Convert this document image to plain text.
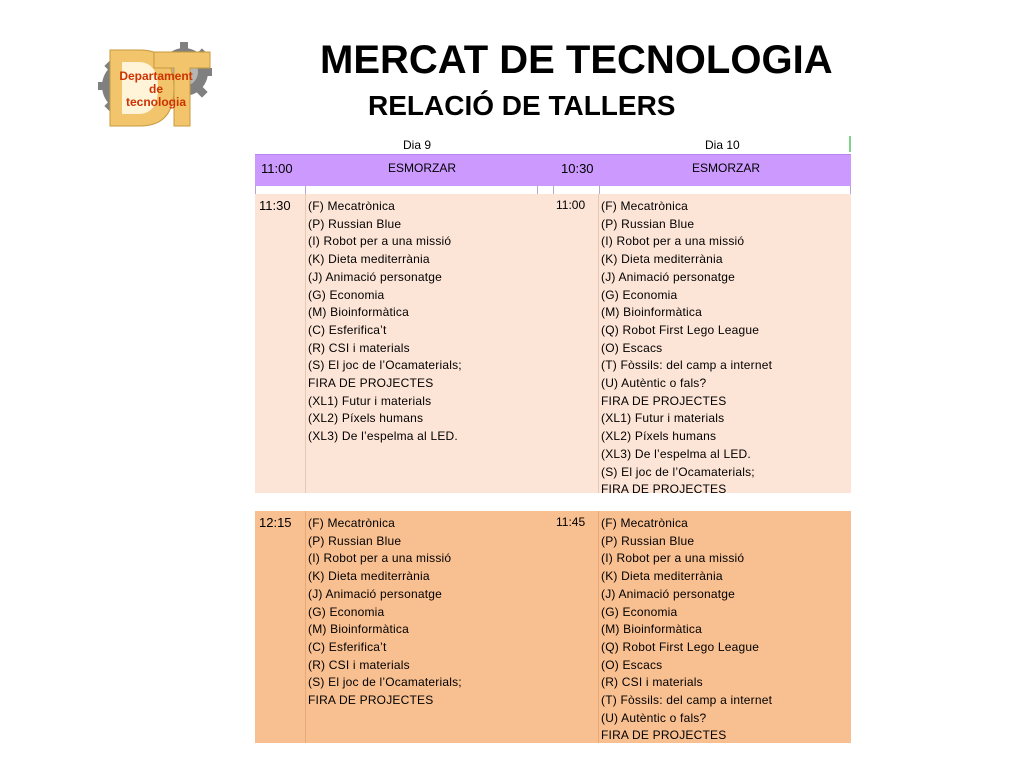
Departament
de
tecnologia
MERCAT DE TECNOLOGIA
RELACIÓ DE TALLERS
Dia 9	Dia 10
11:00	ESMORZAR	10:30	ESMORZAR
11:30	(F) Mecatrònica
(P) Russian Blue
(I) Robot per a una missió
(K) Dieta mediterrània
(J) Animació personatge
(G) Economia
(M) Bioinformàtica
(C) Esferifica’t
(R) CSI i materials
(S) El joc de l’Ocamaterials;
FIRA DE PROJECTES
(XL1) Futur i materials
(XL2) Píxels humans
(XL3) De l’espelma al LED.
11:00	(F) Mecatrònica
(P) Russian Blue
(I) Robot per a una missió
(K) Dieta mediterrània
(J) Animació personatge
(G) Economia
(M) Bioinformàtica
(Q) Robot First Lego League
(O) Escacs
(T) Fòssils: del camp a internet
(U) Autèntic o fals?
FIRA DE PROJECTES
(XL1) Futur i materials
(XL2) Píxels humans
(XL3) De l’espelma al LED.
(S) El joc de l’Ocamaterials;
FIRA DE PROJECTES
12:15	(F) Mecatrònica
(P) Russian Blue
(I) Robot per a una missió
(K) Dieta mediterrània
(J) Animació personatge
(G) Economia
(M) Bioinformàtica
(C) Esferifica’t
(R) CSI i materials
(S) El joc de l’Ocamaterials;
FIRA DE PROJECTES
11:45	(F) Mecatrònica
(P) Russian Blue
(I) Robot per a una missió
(K) Dieta mediterrània
(J) Animació personatge
(G) Economia
(M) Bioinformàtica
(Q) Robot First Lego League
(O) Escacs
(R) CSI i materials
(T) Fòssils: del camp a internet
(U) Autèntic o fals?
FIRA DE PROJECTES
